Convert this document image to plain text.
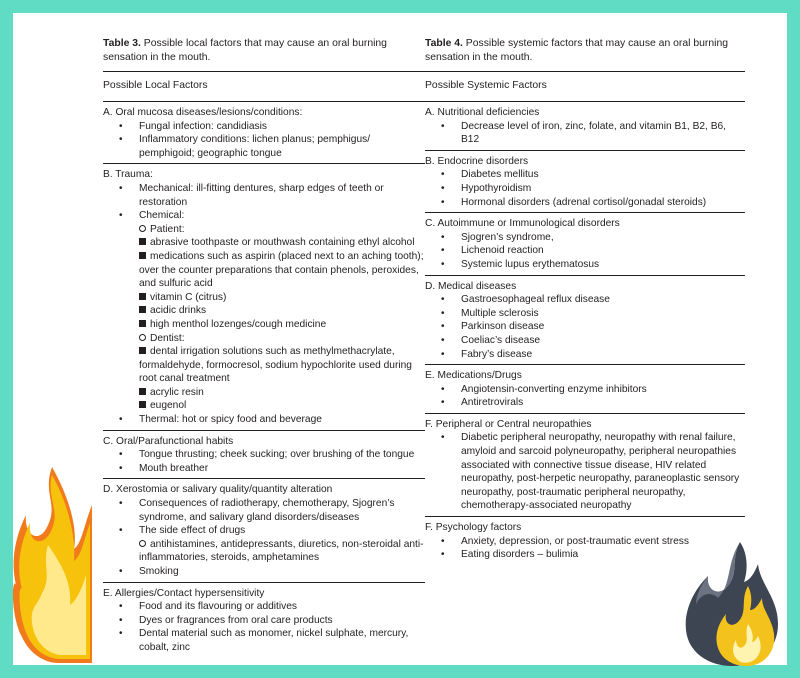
Table 3. Possible local factors that may cause an oral burning sensation in the mouth.
Possible Local Factors
A. Oral mucosa diseases/lesions/conditions:
• Fungal infection: candidiasis
• Inflammatory conditions: lichen planus; pemphigus/ pemphigoid; geographic tongue
B. Trauma:
• Mechanical: ill-fitting dentures, sharp edges of teeth or restoration
• Chemical:
Patient:
abrasive toothpaste or mouthwash containing ethyl alcohol
medications such as aspirin (placed next to an aching tooth); over the counter preparations that contain phenols, peroxides, and sulfuric acid
vitamin C (citrus)
acidic drinks
high menthol lozenges/cough medicine
Dentist:
dental irrigation solutions such as methylmethacrylate, formaldehyde, formocresol, sodium hypochlorite used during root canal treatment
acrylic resin
eugenol
• Thermal: hot or spicy food and beverage
C. Oral/Parafunctional habits
• Tongue thrusting; cheek sucking; over brushing of the tongue
• Mouth breather
D. Xerostomia or salivary quality/quantity alteration
• Consequences of radiotherapy, chemotherapy, Sjogren’s syndrome, and salivary gland disorders/diseases
• The side effect of drugs
antihistamines, antidepressants, diuretics, non-steroidal anti-inflammatories, steroids, amphetamines
• Smoking
E. Allergies/Contact hypersensitivity
• Food and its flavouring or additives
• Dyes or fragrances from oral care products
• Dental material such as monomer, nickel sulphate, mercury, cobalt, zinc
Table 4. Possible systemic factors that may cause an oral burning sensation in the mouth.
Possible Systemic Factors
A. Nutritional deficiencies
• Decrease level of iron, zinc, folate, and vitamin B1, B2, B6, B12
B. Endocrine disorders
• Diabetes mellitus
• Hypothyroidism
• Hormonal disorders (adrenal cortisol/gonadal steroids)
C. Autoimmune or Immunological disorders
• Sjogren’s syndrome,
• Lichenoid reaction
• Systemic lupus erythematosus
D. Medical diseases
• Gastroesophageal reflux disease
• Multiple sclerosis
• Parkinson disease
• Coeliac’s disease
• Fabry’s disease
E. Medications/Drugs
• Angiotensin-converting enzyme inhibitors
• Antiretrovirals
F. Peripheral or Central neuropathies
• Diabetic peripheral neuropathy, neuropathy with renal failure, amyloid and sarcoid polyneuropathy, peripheral neuropathies associated with connective tissue disease, HIV related neuropathy, post-herpetic neuropathy, paraneoplastic sensory neuropathy, post-traumatic peripheral neuropathy, chemotherapy-associated neuropathy
F. Psychology factors
• Anxiety, depression, or post-traumatic event stress
• Eating disorders – bulimia
